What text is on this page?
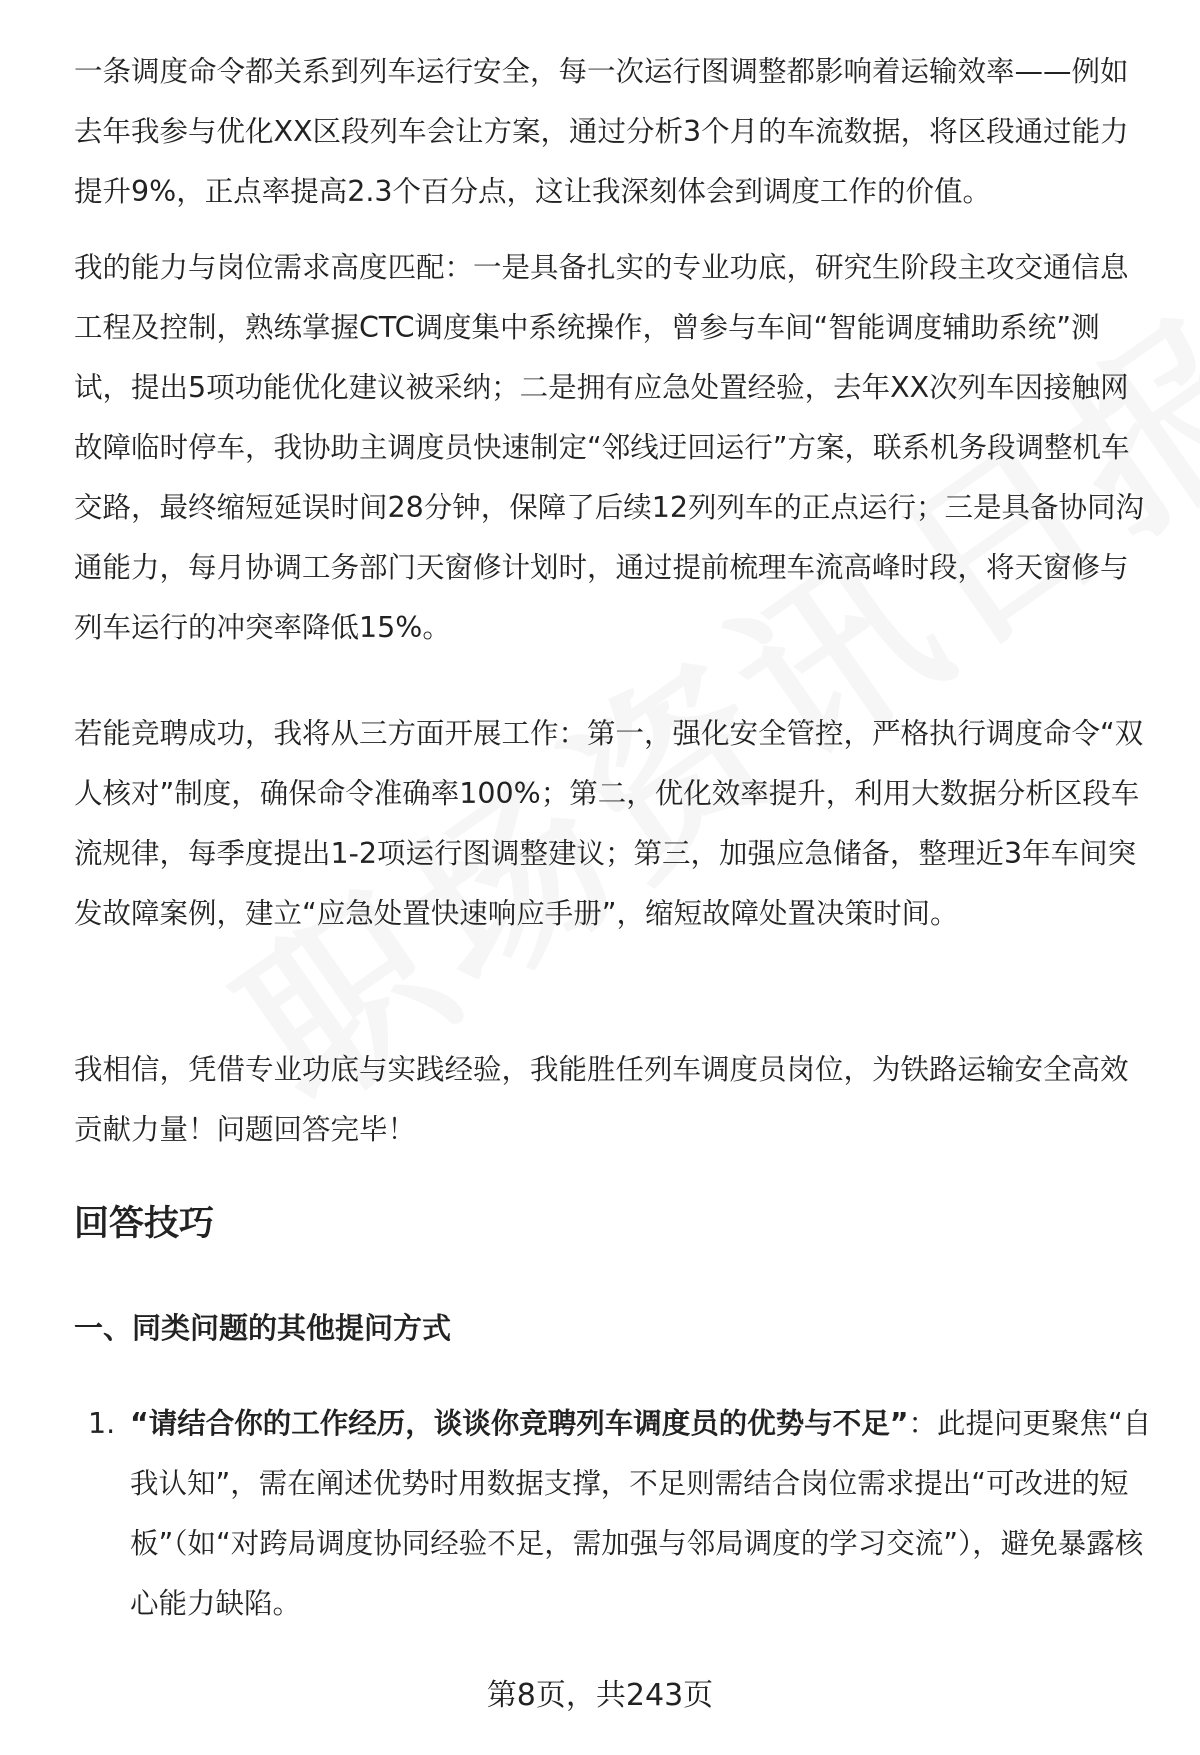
一条调度命令都关系到列车运行安全，每一次运行图调整都影响着运输效率——例如去年我参与优化XX区段列车会让方案，通过分析3个月的车流数据，将区段通过能力提升9%，正点率提高2.3个百分点，这让我深刻体会到调度工作的价值。

我的能力与岗位需求高度匹配：一是具备扎实的专业功底，研究生阶段主攻交通信息工程及控制，熟练掌握CTC调度集中系统操作，曾参与车间“智能调度辅助系统”测试，提出5项功能优化建议被采纳；二是拥有应急处置经验，去年XX次列车因接触网故障临时停车，我协助主调度员快速制定“邻线迂回运行”方案，联系机务段调整机车交路，最终缩短延误时间28分钟，保障了后续12列列车的正点运行；三是具备协同沟通能力，每月协调工务部门天窗修计划时，通过提前梳理车流高峰时段，将天窗修与列车运行的冲突率降低15%。

若能竞聘成功，我将从三方面开展工作：第一，强化安全管控，严格执行调度命令“双人核对”制度，确保命令准确率100%；第二，优化效率提升，利用大数据分析区段车流规律，每季度提出1-2项运行图调整建议；第三，加强应急储备，整理近3年车间突发故障案例，建立“应急处置快速响应手册”，缩短故障处置决策时间。

我相信，凭借专业功底与实践经验，我能胜任列车调度员岗位，为铁路运输安全高效贡献力量！问题回答完毕！

回答技巧
一、同类问题的其他提问方式
1. “请结合你的工作经历，谈谈你竞聘列车调度员的优势与不足”：此提问更聚焦“自我认知”，需在阐述优势时用数据支撑，不足则需结合岗位需求提出“可改进的短板”（如“对跨局调度协同经验不足，需加强与邻局调度的学习交流”），避免暴露核心能力缺陷。

第8页，共243页
